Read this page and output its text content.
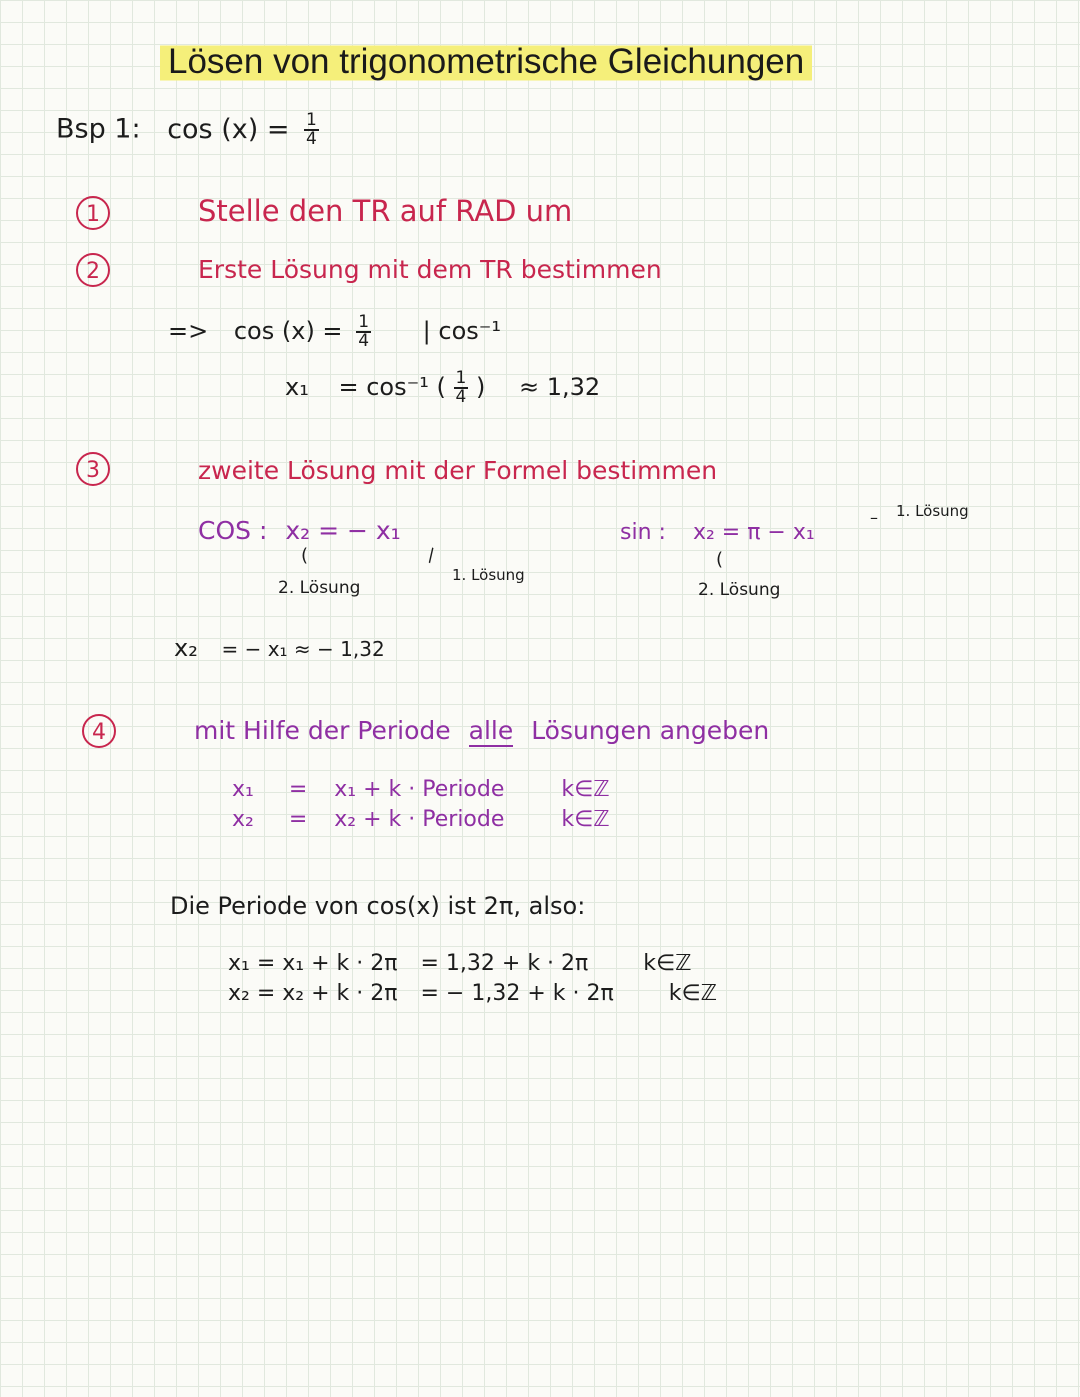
Lösen von trigonometrische Gleichungen
Bsp 1: $\cos (x) = \frac{1}{4}$
1	Stelle den TR auf RAD um
2	Erste Lösung mit dem TR bestimmen
=> $\cos (x) = \frac{1}{4}$ | cos⁻¹
x₁ = cos⁻¹ ( $\frac{1}{4}$ ) ≈ 1,32
3	zweite Lösung mit der Formel bestimmen
COS : x₂ = − x₁
(
2. Lösung
\
1. Lösung
sin : x₂ = π − x₁
(
2. Lösung
– 1. Lösung
x₂ = − x₁ ≈ − 1,32
4	mit Hilfe der Periode alle Lösungen angeben
x₁ = x₁ + k · Periode	k∈ℤ
x₂ = x₂ + k · Periode	k∈ℤ
Die Periode von cos(x) ist 2π, also:
x₁ = x₁ + k · 2π = 1,32 + k · 2π	k∈ℤ
x₂ = x₂ + k · 2π = − 1,32 + k · 2π	k∈ℤ
